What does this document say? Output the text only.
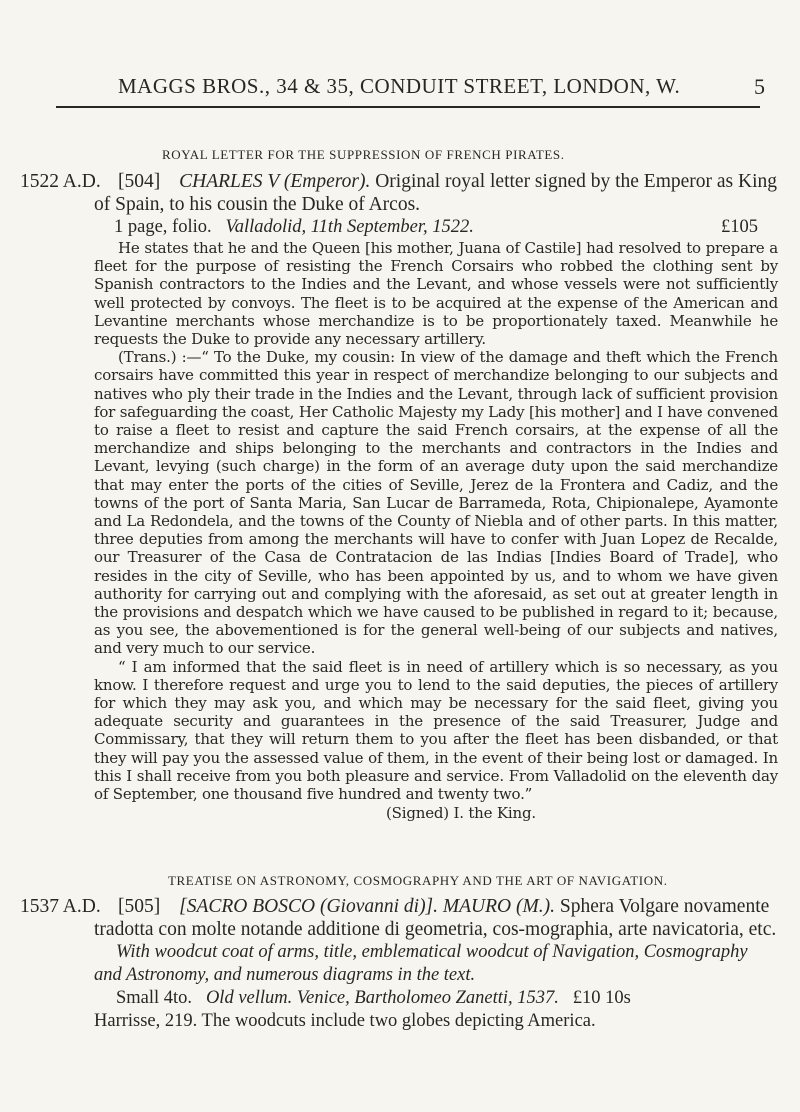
MAGGS BROS., 34 & 35, CONDUIT STREET, LONDON, W.	5
ROYAL LETTER FOR THE SUPPRESSION OF FRENCH PIRATES.
1522 A.D. [504] CHARLES V (Emperor). Original royal letter signed by the Emperor as King of Spain, to his cousin the Duke of Arcos.
1 page, folio. Valladolid, 11th September, 1522.	£105

He states that he and the Queen [his mother, Juana of Castile] had resolved to prepare a fleet for the purpose of resisting the French Corsairs who robbed the clothing sent by Spanish contractors to the Indies and the Levant, and whose vessels were not sufficiently well protected by convoys. The fleet is to be acquired at the expense of the American and Levantine merchants whose merchandize is to be proportionately taxed. Meanwhile he requests the Duke to provide any necessary artillery.

(Trans.) :—“ To the Duke, my cousin: In view of the damage and theft which the French corsairs have committed this year in respect of merchandize belonging to our subjects and natives who ply their trade in the Indies and the Levant, through lack of sufficient provision for safeguarding the coast, Her Catholic Majesty my Lady [his mother] and I have convened to raise a fleet to resist and capture the said French corsairs, at the expense of all the merchandize and ships belonging to the merchants and contractors in the Indies and Levant, levying (such charge) in the form of an average duty upon the said merchandize that may enter the ports of the cities of Seville, Jerez de la Frontera and Cadiz, and the towns of the port of Santa Maria, San Lucar de Barrameda, Rota, Chipionalepe, Ayamonte and La Redondela, and the towns of the County of Niebla and of other parts. In this matter, three deputies from among the merchants will have to confer with Juan Lopez de Recalde, our Treasurer of the Casa de Contratacion de las Indias [Indies Board of Trade], who resides in the city of Seville, who has been appointed by us, and to whom we have given authority for carrying out and complying with the aforesaid, as set out at greater length in the provisions and despatch which we have caused to be published in regard to it; because, as you see, the abovementioned is for the general well-being of our subjects and natives, and very much to our service.

“ I am informed that the said fleet is in need of artillery which is so necessary, as you know. I therefore request and urge you to lend to the said deputies, the pieces of artillery for which they may ask you, and which may be necessary for the said fleet, giving you adequate security and guarantees in the presence of the said Treasurer, Judge and Commissary, that they will return them to you after the fleet has been disbanded, or that they will pay you the assessed value of them, in the event of their being lost or damaged. In this I shall receive from you both pleasure and service. From Valladolid on the eleventh day of September, one thousand five hundred and twenty two.”

(Signed) I. the King.

TREATISE ON ASTRONOMY, COSMOGRAPHY AND THE ART OF NAVIGATION.
1537 A.D. [505] [SACRO BOSCO (Giovanni di)]. MAURO (M.). Sphera Volgare novamente tradotta con molte notande additione di geometria, cos-mographia, arte navicatoria, etc.

With woodcut coat of arms, title, emblematical woodcut of Navigation, Cosmography and Astronomy, and numerous diagrams in the text.

Small 4to. Old vellum. Venice, Bartholomeo Zanetti, 1537. £10 10s

Harrisse, 219. The woodcuts include two globes depicting America.
